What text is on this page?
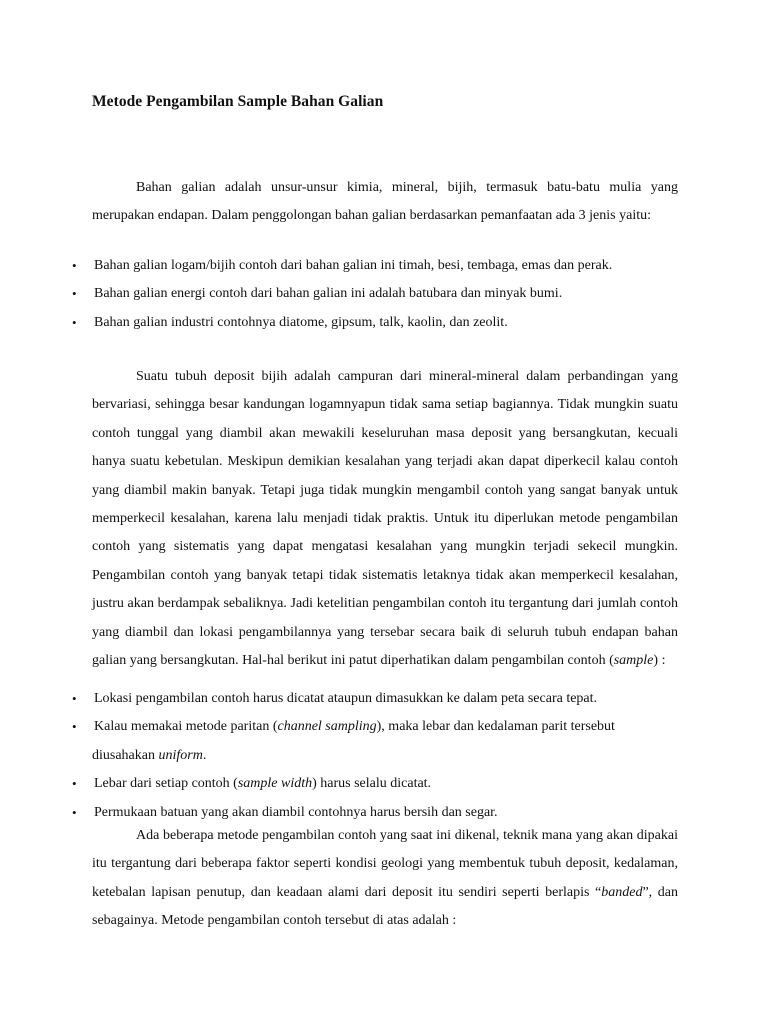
Metode Pengambilan Sample Bahan Galian

Bahan galian adalah unsur-unsur kimia, mineral, bijih, termasuk batu-batu mulia yang merupakan endapan. Dalam penggolongan bahan galian berdasarkan pemanfaatan ada 3 jenis yaitu:

• Bahan galian logam/bijih contoh dari bahan galian ini timah, besi, tembaga, emas dan perak.
• Bahan galian energi contoh dari bahan galian ini adalah batubara dan minyak bumi.
• Bahan galian industri contohnya diatome, gipsum, talk, kaolin, dan zeolit.

Suatu tubuh deposit bijih adalah campuran dari mineral-mineral dalam perbandingan yang bervariasi, sehingga besar kandungan logamnyapun tidak sama setiap bagiannya. Tidak mungkin suatu contoh tunggal yang diambil akan mewakili keseluruhan masa deposit yang bersangkutan, kecuali hanya suatu kebetulan. Meskipun demikian kesalahan yang terjadi akan dapat diperkecil kalau contoh yang diambil makin banyak. Tetapi juga tidak mungkin mengambil contoh yang sangat banyak untuk memperkecil kesalahan, karena lalu menjadi tidak praktis. Untuk itu diperlukan metode pengambilan contoh yang sistematis yang dapat mengatasi kesalahan yang mungkin terjadi sekecil mungkin. Pengambilan contoh yang banyak tetapi tidak sistematis letaknya tidak akan memperkecil kesalahan, justru akan berdampak sebaliknya. Jadi ketelitian pengambilan contoh itu tergantung dari jumlah contoh yang diambil dan lokasi pengambilannya yang tersebar secara baik di seluruh tubuh endapan bahan galian yang bersangkutan. Hal-hal berikut ini patut diperhatikan dalam pengambilan contoh (sample) :

• Lokasi pengambilan contoh harus dicatat ataupun dimasukkan ke dalam peta secara tepat.
• Kalau memakai metode paritan (channel sampling), maka lebar dan kedalaman parit tersebut
diusahakan uniform.
• Lebar dari setiap contoh (sample width) harus selalu dicatat.
• Permukaan batuan yang akan diambil contohnya harus bersih dan segar.

Ada beberapa metode pengambilan contoh yang saat ini dikenal, teknik mana yang akan dipakai itu tergantung dari beberapa faktor seperti kondisi geologi yang membentuk tubuh deposit, kedalaman, ketebalan lapisan penutup, dan keadaan alami dari deposit itu sendiri seperti berlapis “banded”, dan sebagainya. Metode pengambilan contoh tersebut di atas adalah :
